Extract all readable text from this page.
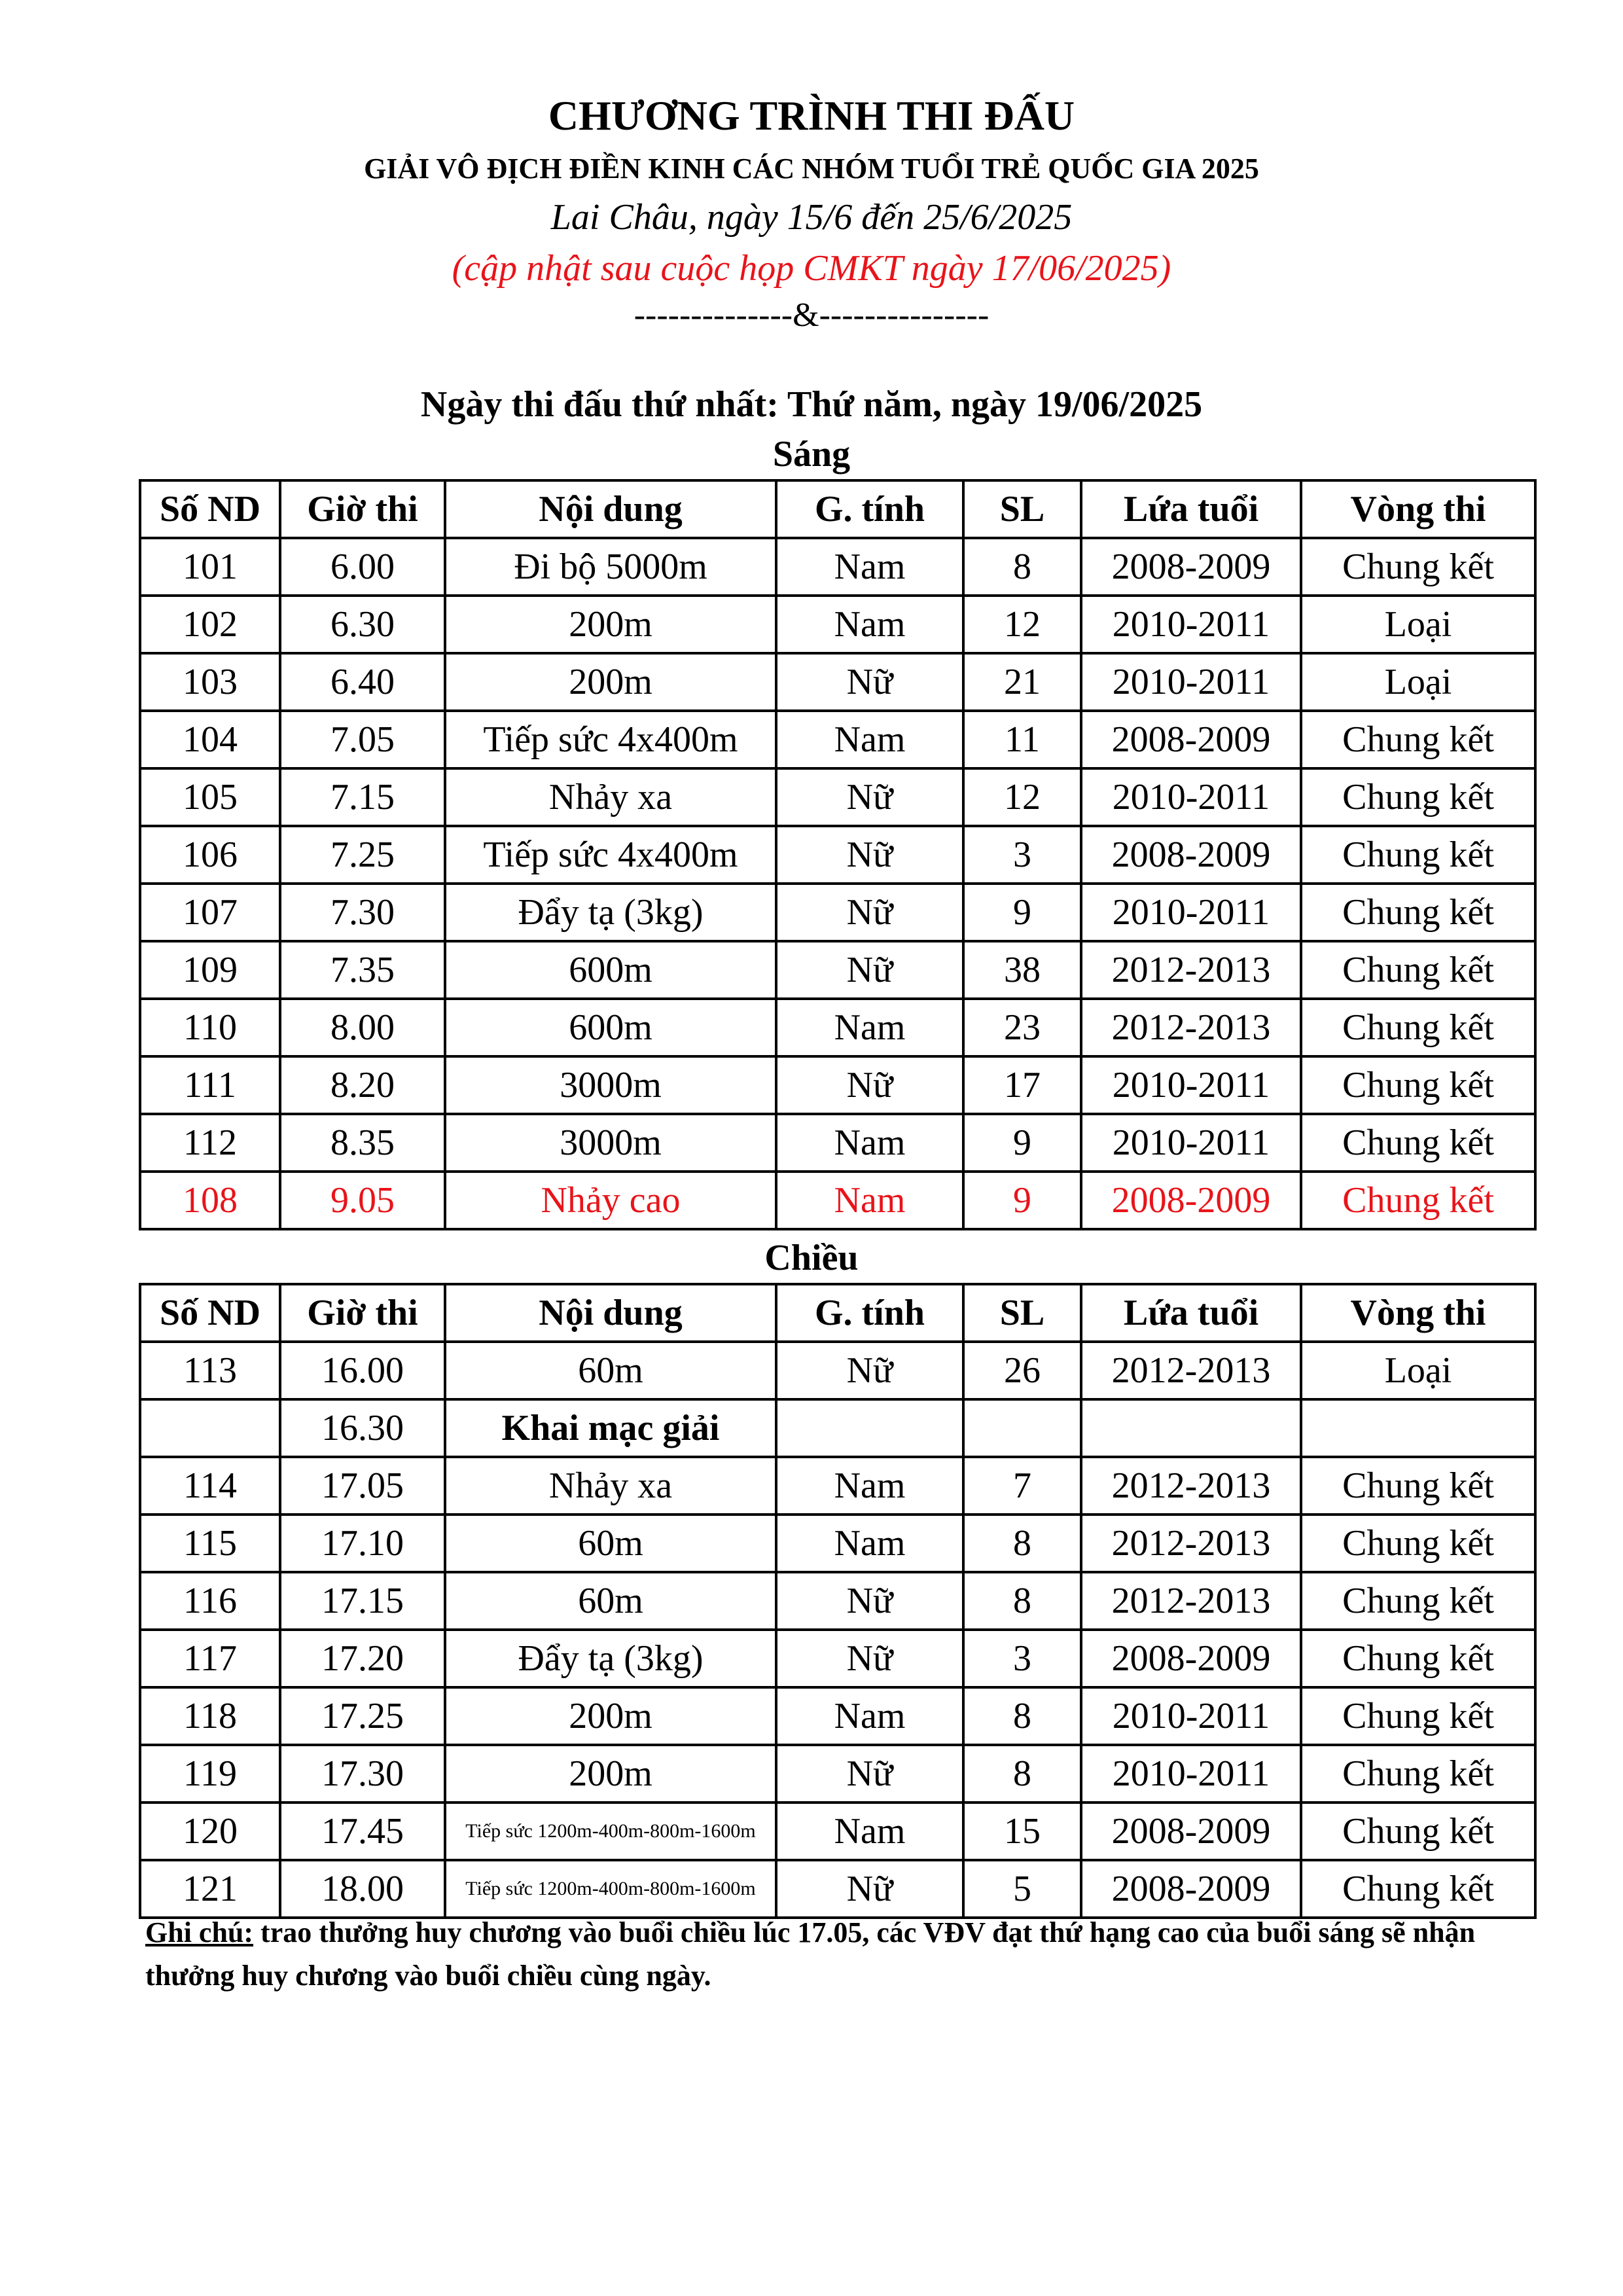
CHƯƠNG TRÌNH THI ĐẤU
GIẢI VÔ ĐỊCH ĐIỀN KINH CÁC NHÓM TUỔI TRẺ QUỐC GIA 2025
Lai Châu, ngày 15/6 đến 25/6/2025
(cập nhật sau cuộc họp CMKT ngày 17/06/2025)
--------------&---------------
Ngày thi đấu thứ nhất: Thứ năm, ngày 19/06/2025
Sáng
Số ND	Giờ thi	Nội dung	G. tính	SL	Lứa tuổi	Vòng thi
101	6.00	Đi bộ 5000m	Nam	8	2008-2009	Chung kết
102	6.30	200m	Nam	12	2010-2011	Loại
103	6.40	200m	Nữ	21	2010-2011	Loại
104	7.05	Tiếp sức 4x400m	Nam	11	2008-2009	Chung kết
105	7.15	Nhảy xa	Nữ	12	2010-2011	Chung kết
106	7.25	Tiếp sức 4x400m	Nữ	3	2008-2009	Chung kết
107	7.30	Đẩy tạ (3kg)	Nữ	9	2010-2011	Chung kết
109	7.35	600m	Nữ	38	2012-2013	Chung kết
110	8.00	600m	Nam	23	2012-2013	Chung kết
111	8.20	3000m	Nữ	17	2010-2011	Chung kết
112	8.35	3000m	Nam	9	2010-2011	Chung kết
108	9.05	Nhảy cao	Nam	9	2008-2009	Chung kết
Chiều
Số ND	Giờ thi	Nội dung	G. tính	SL	Lứa tuổi	Vòng thi
113	16.00	60m	Nữ	26	2012-2013	Loại
	16.30	Khai mạc giải				
114	17.05	Nhảy xa	Nam	7	2012-2013	Chung kết
115	17.10	60m	Nam	8	2012-2013	Chung kết
116	17.15	60m	Nữ	8	2012-2013	Chung kết
117	17.20	Đẩy tạ (3kg)	Nữ	3	2008-2009	Chung kết
118	17.25	200m	Nam	8	2010-2011	Chung kết
119	17.30	200m	Nữ	8	2010-2011	Chung kết
120	17.45	Tiếp sức 1200m-400m-800m-1600m	Nam	15	2008-2009	Chung kết
121	18.00	Tiếp sức 1200m-400m-800m-1600m	Nữ	5	2008-2009	Chung kết
Ghi chú: trao thưởng huy chương vào buổi chiều lúc 17.05, các VĐV đạt thứ hạng cao của buổi sáng sẽ nhận thưởng huy chương vào buổi chiều cùng ngày.
